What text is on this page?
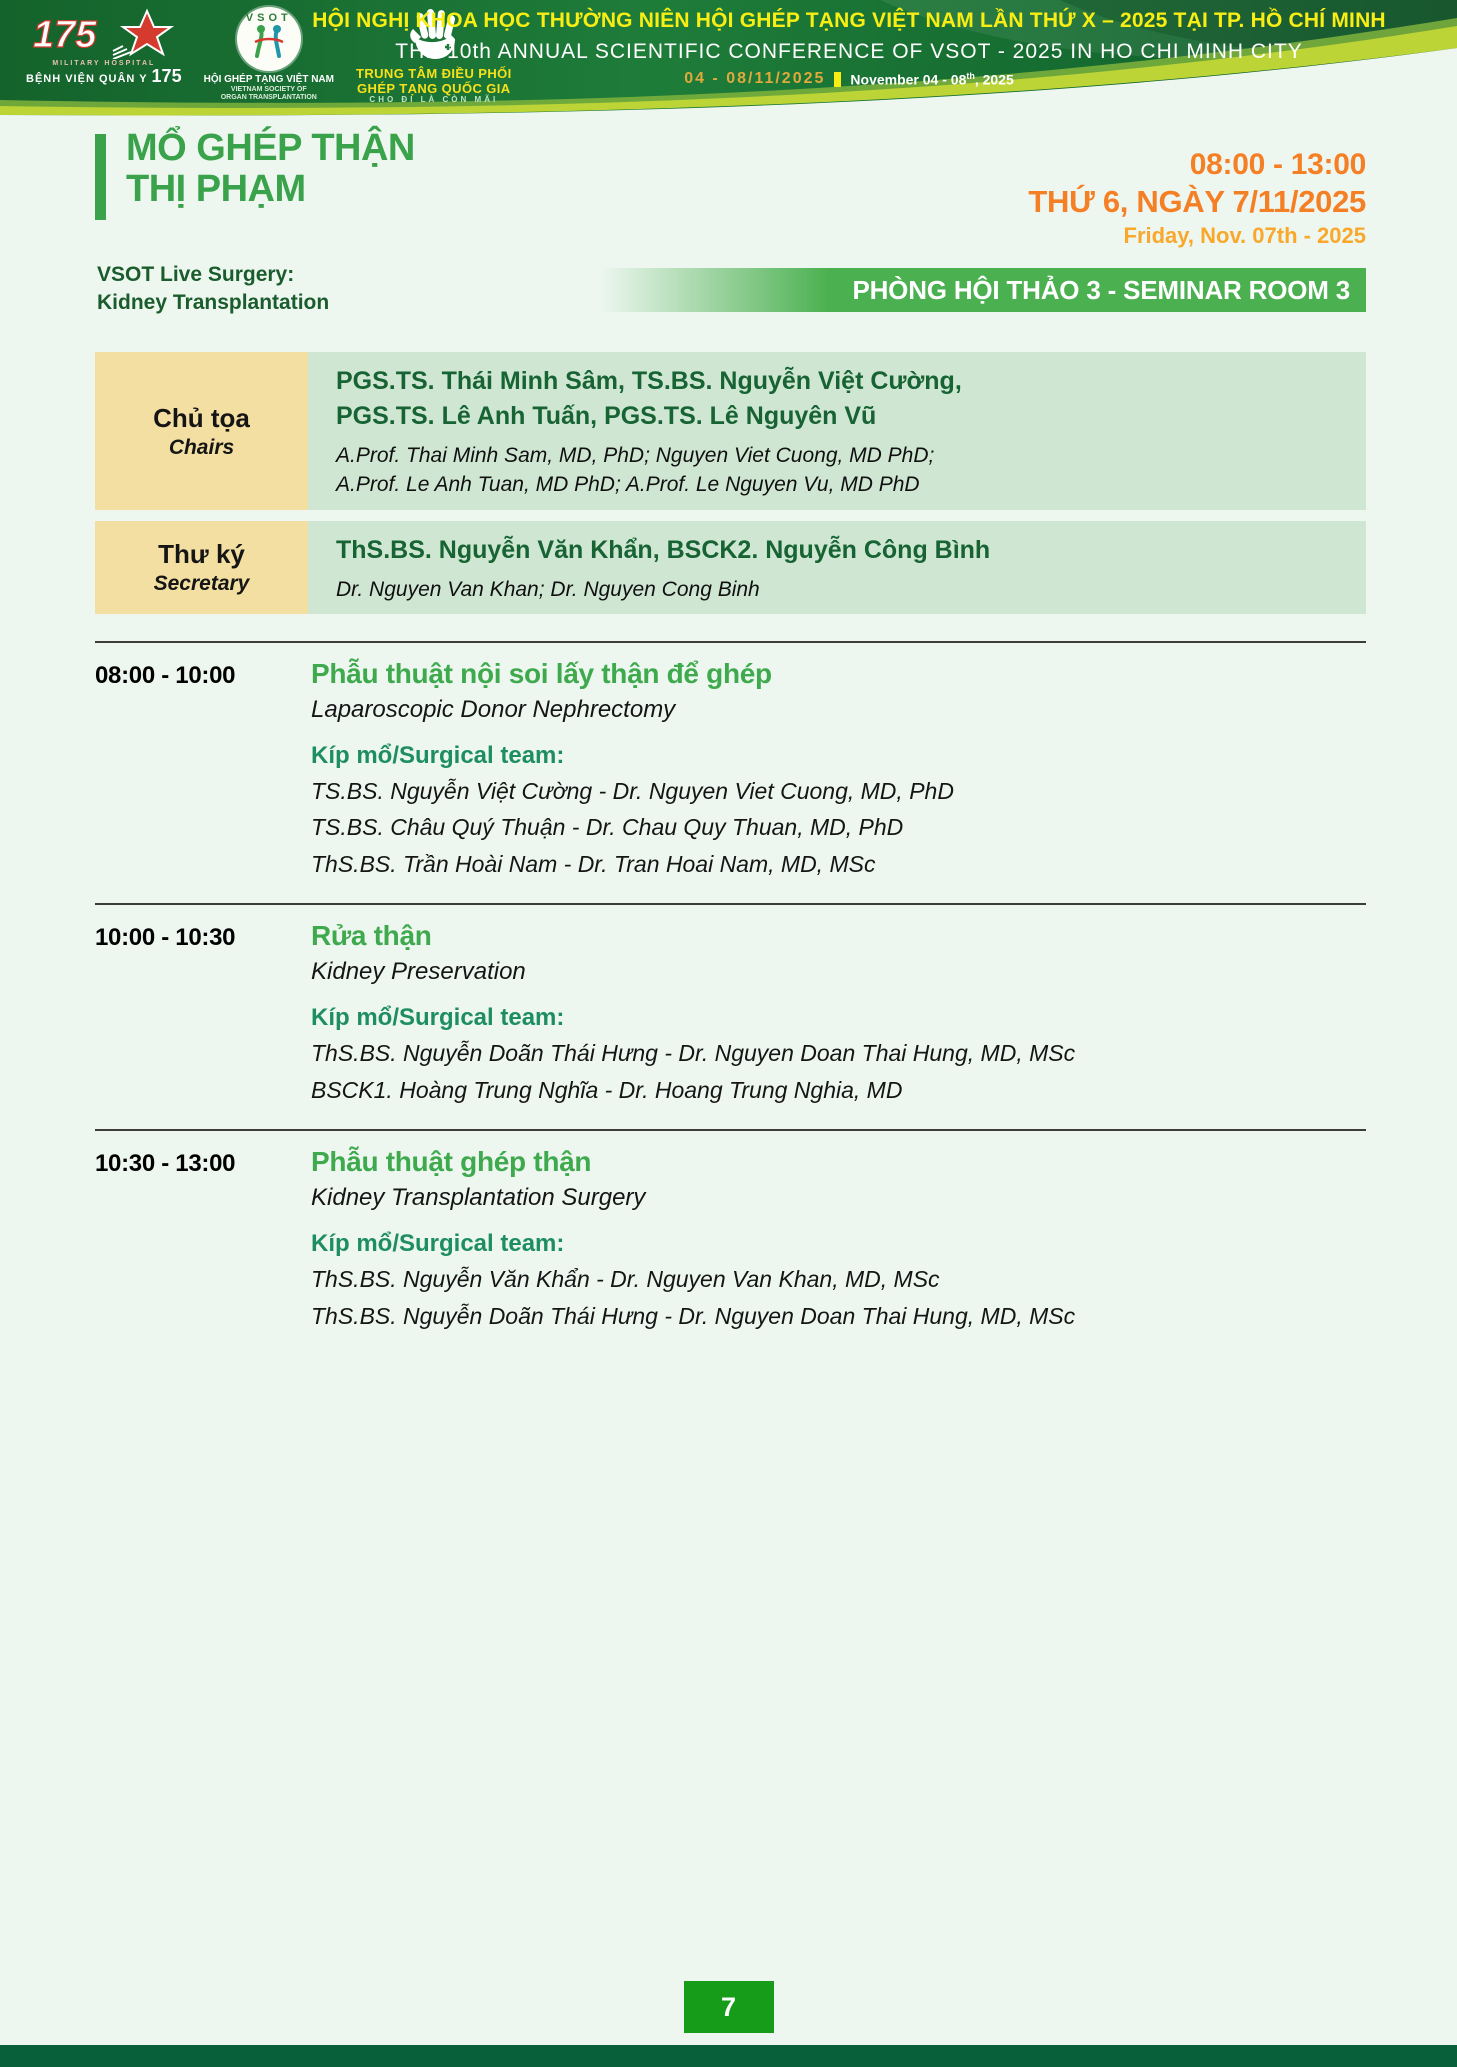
175
MILITARY HOSPITAL
BỆNH VIỆN QUÂN Y 175
VSOT
HỘI GHÉP TẠNG VIỆT NAM
VIETNAM SOCIETY OF
ORGAN TRANSPLANTATION
TRUNG TÂM ĐIỀU PHỐI
GHÉP TẠNG QUỐC GIA
CHO ĐI LÀ CÒN MÃI
HỘI NGHỊ KHOA HỌC THƯỜNG NIÊN HỘI GHÉP TẠNG VIỆT NAM LẦN THỨ X – 2025 TẠI TP. HỒ CHÍ MINH
THE 10th ANNUAL SCIENTIFIC CONFERENCE OF VSOT - 2025 IN HO CHI MINH CITY
04 - 08/11/2025 November 04 - 08th, 2025
MỔ GHÉP THẬN
THỊ PHẠM
VSOT Live Surgery:
Kidney Transplantation
08:00 - 13:00
THỨ 6, NGÀY 7/11/2025
Friday, Nov. 07th - 2025
PHÒNG HỘI THẢO 3 - SEMINAR ROOM 3
Chủ tọa
Chairs
PGS.TS. Thái Minh Sâm, TS.BS. Nguyễn Việt Cường,
PGS.TS. Lê Anh Tuấn, PGS.TS. Lê Nguyên Vũ
A.Prof. Thai Minh Sam, MD, PhD; Nguyen Viet Cuong, MD PhD;
A.Prof. Le Anh Tuan, MD PhD; A.Prof. Le Nguyen Vu, MD PhD
Thư ký
Secretary
ThS.BS. Nguyễn Văn Khẩn, BSCK2. Nguyễn Công Bình
Dr. Nguyen Van Khan; Dr. Nguyen Cong Binh
08:00 - 10:00	Phẫu thuật nội soi lấy thận để ghép
Laparoscopic Donor Nephrectomy
Kíp mổ/Surgical team:
TS.BS. Nguyễn Việt Cường - Dr. Nguyen Viet Cuong, MD, PhD
TS.BS. Châu Quý Thuận - Dr. Chau Quy Thuan, MD, PhD
ThS.BS. Trần Hoài Nam - Dr. Tran Hoai Nam, MD, MSc
10:00 - 10:30	Rửa thận
Kidney Preservation
Kíp mổ/Surgical team:
ThS.BS. Nguyễn Doãn Thái Hưng - Dr. Nguyen Doan Thai Hung, MD, MSc
BSCK1. Hoàng Trung Nghĩa - Dr. Hoang Trung Nghia, MD
10:30 - 13:00	Phẫu thuật ghép thận
Kidney Transplantation Surgery
Kíp mổ/Surgical team:
ThS.BS. Nguyễn Văn Khẩn - Dr. Nguyen Van Khan, MD, MSc
ThS.BS. Nguyễn Doãn Thái Hưng - Dr. Nguyen Doan Thai Hung, MD, MSc
7
